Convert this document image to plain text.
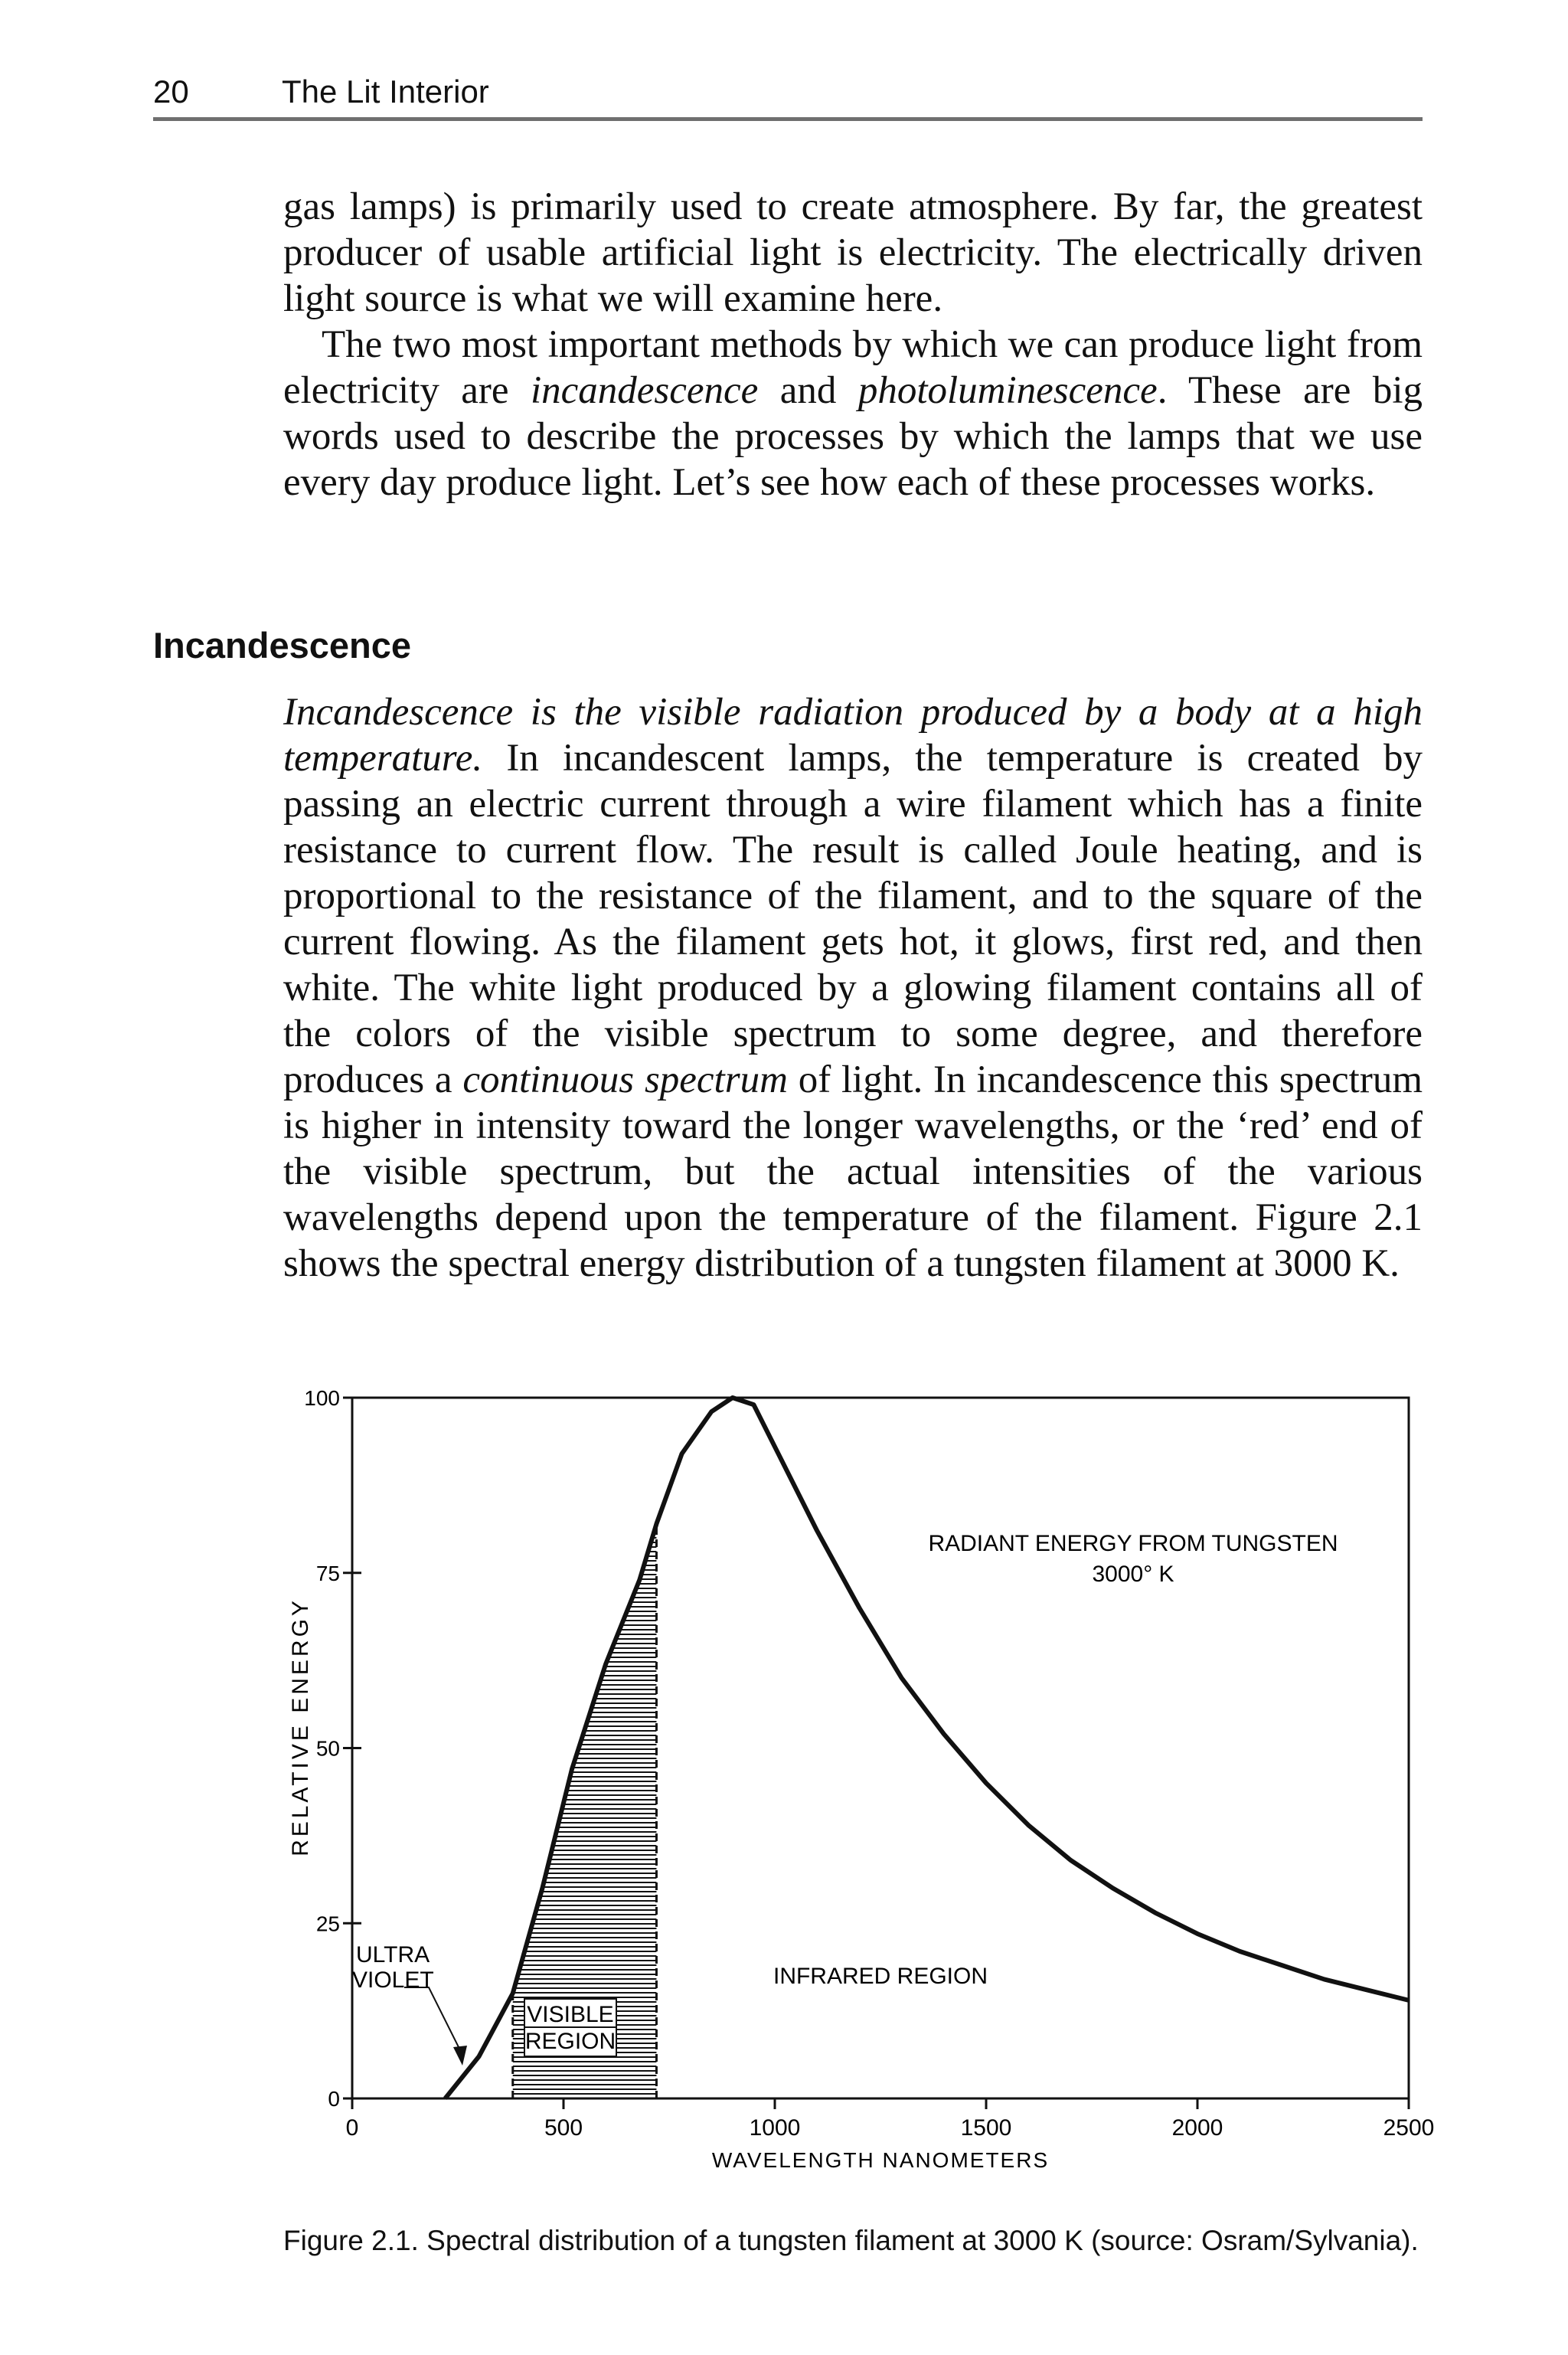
20	The Lit Interior

gas lamps) is primarily used to create atmosphere. By far, the greatest producer of usable artificial light is electricity. The electrically driven light source is what we will examine here.

The two most important methods by which we can produce light from electricity are incandescence and photoluminescence. These are big words used to describe the processes by which the lamps that we use every day produce light. Let’s see how each of these processes works.

Incandescence

Incandescence is the visible radiation produced by a body at a high temperature. In incandescent lamps, the temperature is created by passing an electric current through a wire filament which has a finite resistance to current flow. The result is called Joule heating, and is proportional to the resistance of the filament, and to the square of the current flowing. As the filament gets hot, it glows, first red, and then white. The white light produced by a glowing filament contains all of the colors of the visible spectrum to some degree, and therefore produces a continuous spectrum of light. In incandescence this spectrum is higher in intensity toward the longer wavelengths, or the ‘red’ end of the visible spectrum, but the actual intensities of the various wavelengths depend upon the temperature of the filament. Figure 2.1 shows the spectral energy distribution of a tungsten filament at 3000 K.

0	500	1000	1500	2000	2500
0
25
50
75
100
RADIANT ENERGY FROM TUNGSTEN
3000° K
INFRARED REGION
ULTRA
VIOLET
VISIBLE
REGION
RELATIVE ENERGY
WAVELENGTH NANOMETERS
Figure 2.1. Spectral distribution of a tungsten filament at 3000 K (source: Osram/Sylvania).
